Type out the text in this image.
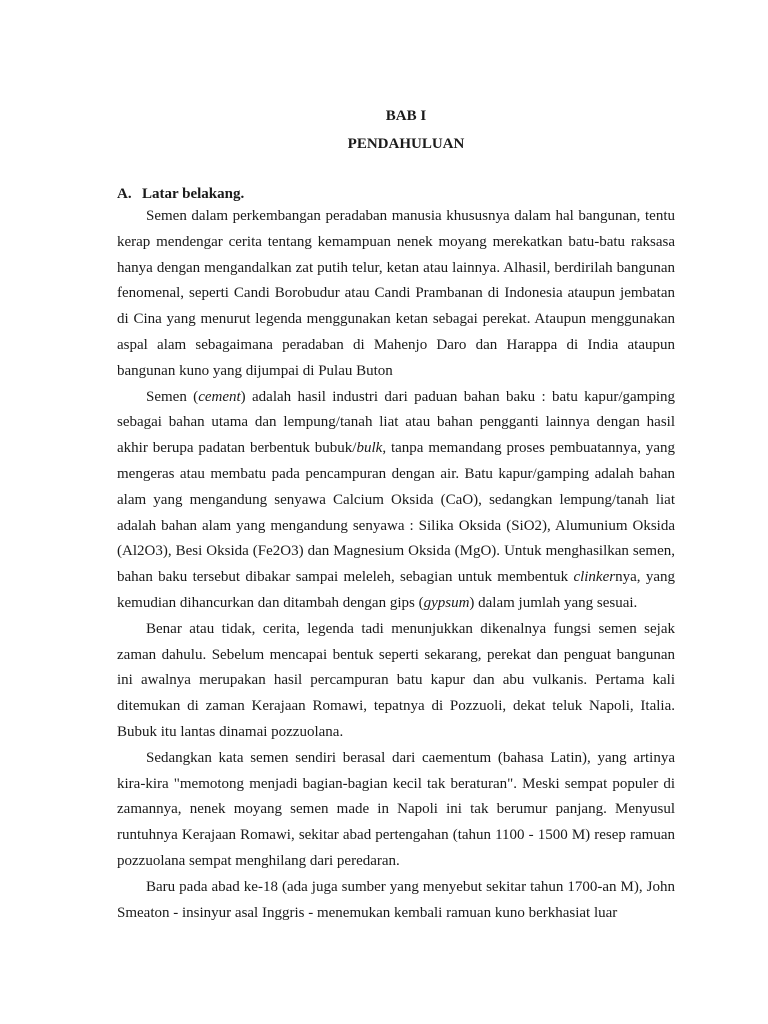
BAB I
PENDAHULUAN
A. Latar belakang.

Semen dalam perkembangan peradaban manusia khususnya dalam hal bangunan, tentu kerap mendengar cerita tentang kemampuan nenek moyang merekatkan batu-batu raksasa hanya dengan mengandalkan zat putih telur, ketan atau lainnya. Alhasil, berdirilah bangunan fenomenal, seperti Candi Borobudur atau Candi Prambanan di Indonesia ataupun jembatan di Cina yang menurut legenda menggunakan ketan sebagai perekat. Ataupun menggunakan aspal alam sebagaimana peradaban di Mahenjo Daro dan Harappa di India ataupun bangunan kuno yang dijumpai di Pulau Buton

Semen (cement) adalah hasil industri dari paduan bahan baku : batu kapur/gamping sebagai bahan utama dan lempung/tanah liat atau bahan pengganti lainnya dengan hasil akhir berupa padatan berbentuk bubuk/bulk, tanpa memandang proses pembuatannya, yang mengeras atau membatu pada pencampuran dengan air. Batu kapur/gamping adalah bahan alam yang mengandung senyawa Calcium Oksida (CaO), sedangkan lempung/tanah liat adalah bahan alam yang mengandung senyawa : Silika Oksida (SiO2), Alumunium Oksida (Al2O3), Besi Oksida (Fe2O3) dan Magnesium Oksida (MgO). Untuk menghasilkan semen, bahan baku tersebut dibakar sampai meleleh, sebagian untuk membentuk clinkernya, yang kemudian dihancurkan dan ditambah dengan gips (gypsum) dalam jumlah yang sesuai.

Benar atau tidak, cerita, legenda tadi menunjukkan dikenalnya fungsi semen sejak zaman dahulu. Sebelum mencapai bentuk seperti sekarang, perekat dan penguat bangunan ini awalnya merupakan hasil percampuran batu kapur dan abu vulkanis. Pertama kali ditemukan di zaman Kerajaan Romawi, tepatnya di Pozzuoli, dekat teluk Napoli, Italia. Bubuk itu lantas dinamai pozzuolana.

Sedangkan kata semen sendiri berasal dari caementum (bahasa Latin), yang artinya kira-kira "memotong menjadi bagian-bagian kecil tak beraturan". Meski sempat populer di zamannya, nenek moyang semen made in Napoli ini tak berumur panjang. Menyusul runtuhnya Kerajaan Romawi, sekitar abad pertengahan (tahun 1100 - 1500 M) resep ramuan pozzuolana sempat menghilang dari peredaran.

Baru pada abad ke-18 (ada juga sumber yang menyebut sekitar tahun 1700-an M), John Smeaton - insinyur asal Inggris - menemukan kembali ramuan kuno berkhasiat luar
